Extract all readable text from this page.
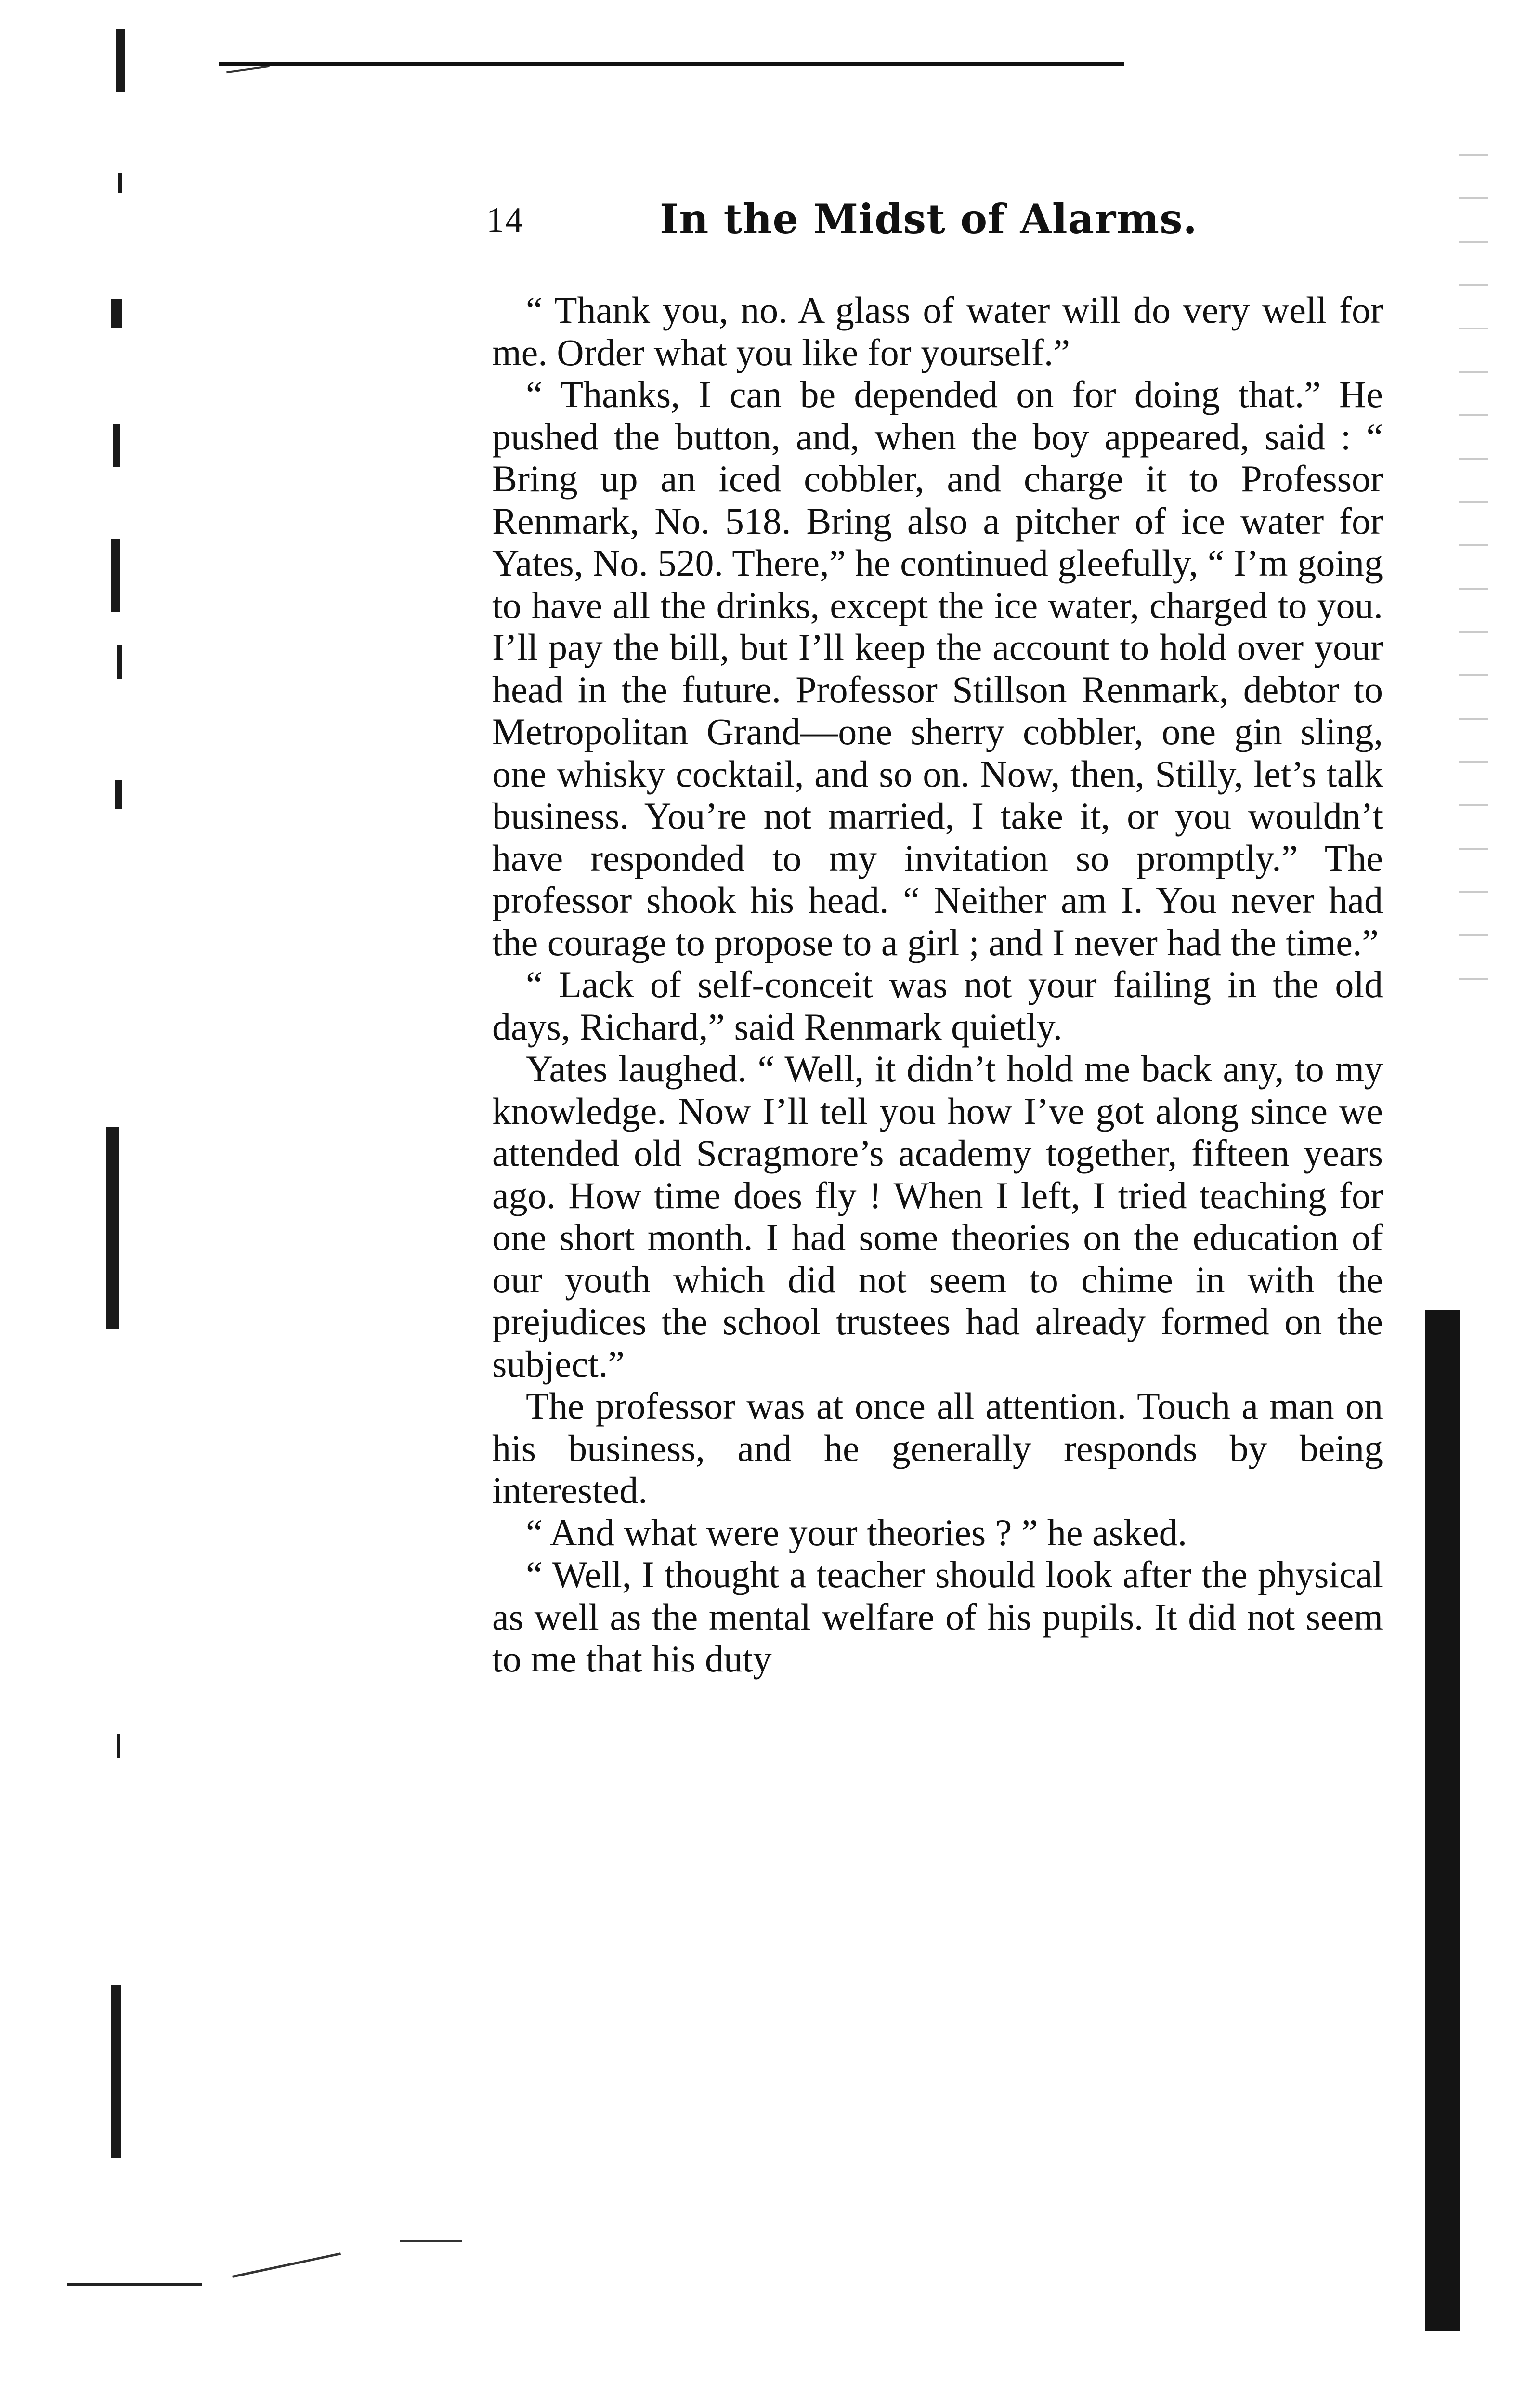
14	In the Midst of Alarms.

“ Thank you, no. A glass of water will do very well for me. Order what you like for yourself.”

“ Thanks, I can be depended on for doing that.” He pushed the button, and, when the boy appeared, said : “ Bring up an iced cobbler, and charge it to Professor Renmark, No. 518. Bring also a pitcher of ice water for Yates, No. 520. There,” he continued gleefully, “ I’m going to have all the drinks, except the ice water, charged to you. I’ll pay the bill, but I’ll keep the account to hold over your head in the future. Professor Stillson Renmark, debtor to Metropolitan Grand—one sherry cobbler, one gin sling, one whisky cocktail, and so on. Now, then, Stilly, let’s talk business. You’re not married, I take it, or you wouldn’t have responded to my invitation so promptly.” The professor shook his head. “ Neither am I. You never had the courage to propose to a girl ; and I never had the time.”

“ Lack of self-conceit was not your failing in the old days, Richard,” said Renmark quietly.

Yates laughed. “ Well, it didn’t hold me back any, to my knowledge. Now I’ll tell you how I’ve got along since we attended old Scragmore’s academy together, fifteen years ago. How time does fly ! When I left, I tried teaching for one short month. I had some theories on the education of our youth which did not seem to chime in with the prejudices the school trustees had already formed on the subject.”

The professor was at once all attention. Touch a man on his business, and he generally responds by being interested.

“ And what were your theories ? ” he asked.

“ Well, I thought a teacher should look after the physical as well as the mental welfare of his pupils. It did not seem to me that his duty
